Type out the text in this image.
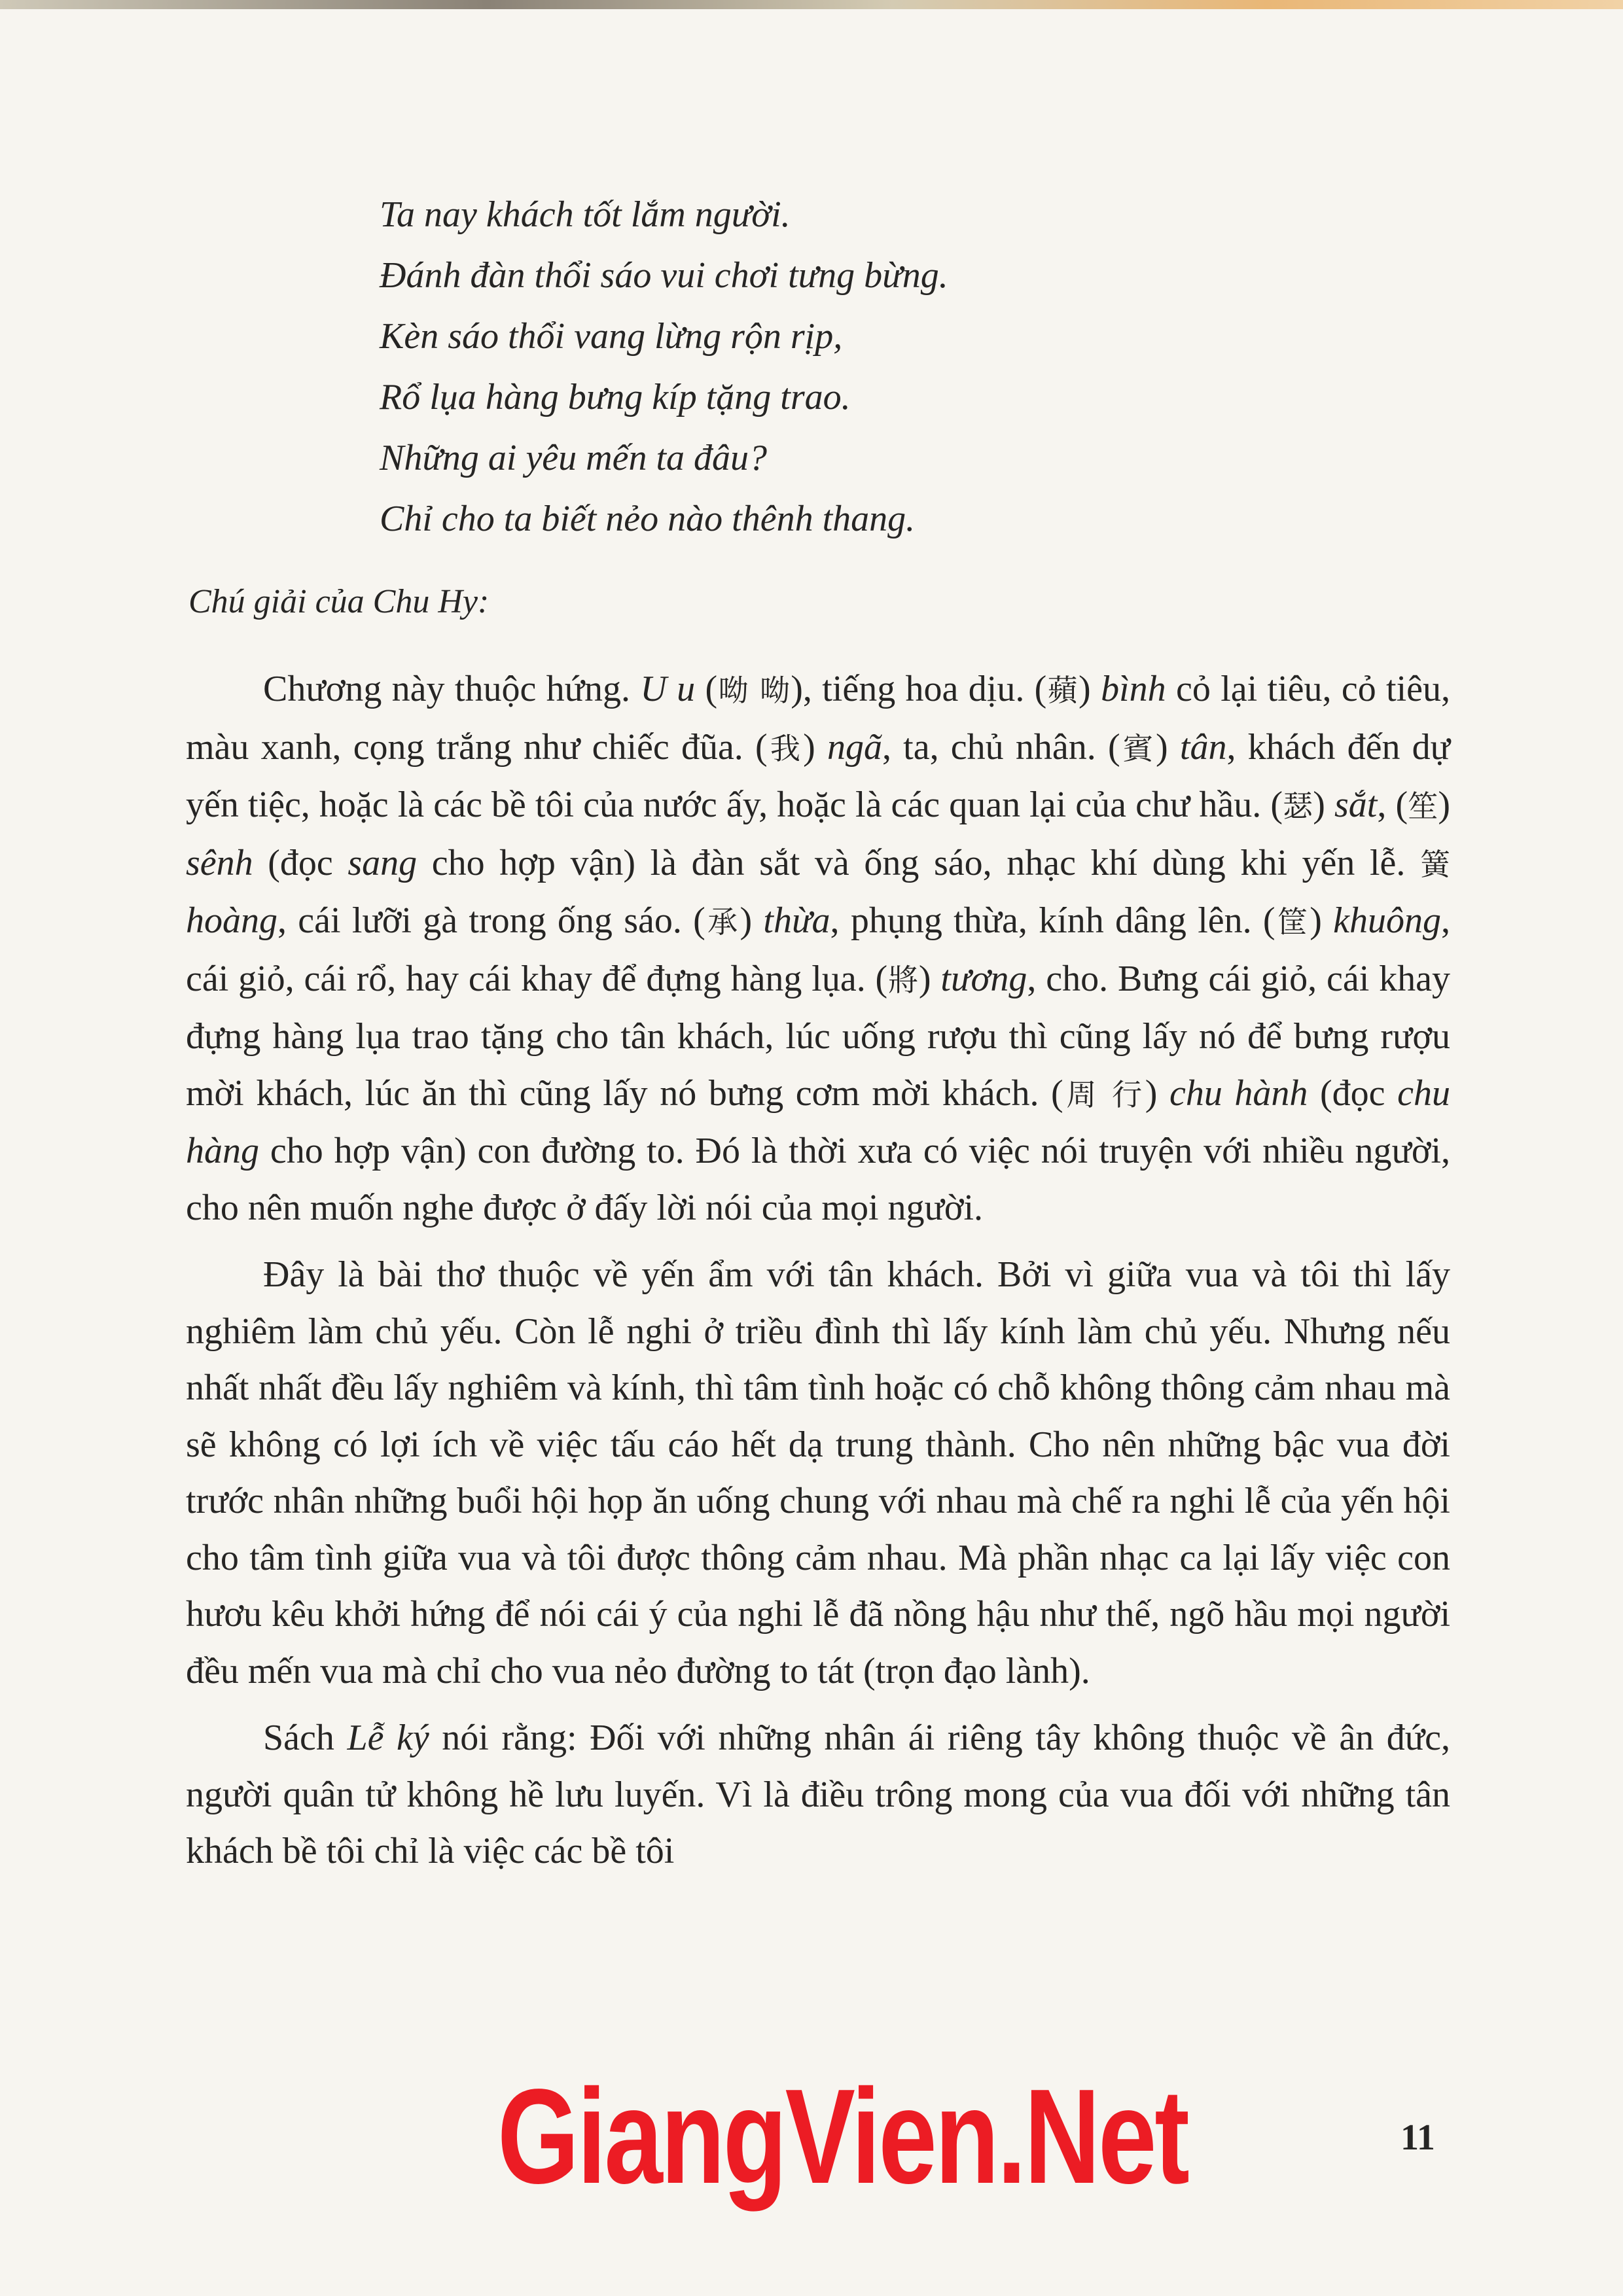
Ta nay khách tốt lắm người.
Đánh đàn thổi sáo vui chơi tưng bừng.
Kèn sáo thổi vang lừng rộn rịp,
Rổ lụa hàng bưng kíp tặng trao.
Những ai yêu mến ta đâu?
Chỉ cho ta biết nẻo nào thênh thang.
Chú giải của Chu Hy:

Chương này thuộc hứng. U u (呦 呦), tiếng hoa dịu. (蘋) bình cỏ lại tiêu, cỏ tiêu, màu xanh, cọng trắng như chiếc đũa. (我) ngã, ta, chủ nhân. (賓) tân, khách đến dự yến tiệc, hoặc là các bề tôi của nước ấy, hoặc là các quan lại của chư hầu. (瑟) sắt, (笙) sênh (đọc sang cho hợp vận) là đàn sắt và ống sáo, nhạc khí dùng khi yến lễ. 簧 hoàng, cái lưỡi gà trong ống sáo. (承) thừa, phụng thừa, kính dâng lên. (筐) khuông, cái giỏ, cái rổ, hay cái khay để đựng hàng lụa. (將) tương, cho. Bưng cái giỏ, cái khay đựng hàng lụa trao tặng cho tân khách, lúc uống rượu thì cũng lấy nó để bưng rượu mời khách, lúc ăn thì cũng lấy nó bưng cơm mời khách. (周 行) chu hành (đọc chu hàng cho hợp vận) con đường to. Đó là thời xưa có việc nói truyện với nhiều người, cho nên muốn nghe được ở đấy lời nói của mọi người.

Đây là bài thơ thuộc về yến ẩm với tân khách. Bởi vì giữa vua và tôi thì lấy nghiêm làm chủ yếu. Còn lễ nghi ở triều đình thì lấy kính làm chủ yếu. Nhưng nếu nhất nhất đều lấy nghiêm và kính, thì tâm tình hoặc có chỗ không thông cảm nhau mà sẽ không có lợi ích về việc tấu cáo hết dạ trung thành. Cho nên những bậc vua đời trước nhân những buổi hội họp ăn uống chung với nhau mà chế ra nghi lễ của yến hội cho tâm tình giữa vua và tôi được thông cảm nhau. Mà phần nhạc ca lại lấy việc con hươu kêu khởi hứng để nói cái ý của nghi lễ đã nồng hậu như thế, ngõ hầu mọi người đều mến vua mà chỉ cho vua nẻo đường to tát (trọn đạo lành).

Sách Lễ ký nói rằng: Đối với những nhân ái riêng tây không thuộc về ân đức, người quân tử không hề lưu luyến. Vì là điều trông mong của vua đối với những tân khách bề tôi chỉ là việc các bề tôi

GiangVien.Net	11
